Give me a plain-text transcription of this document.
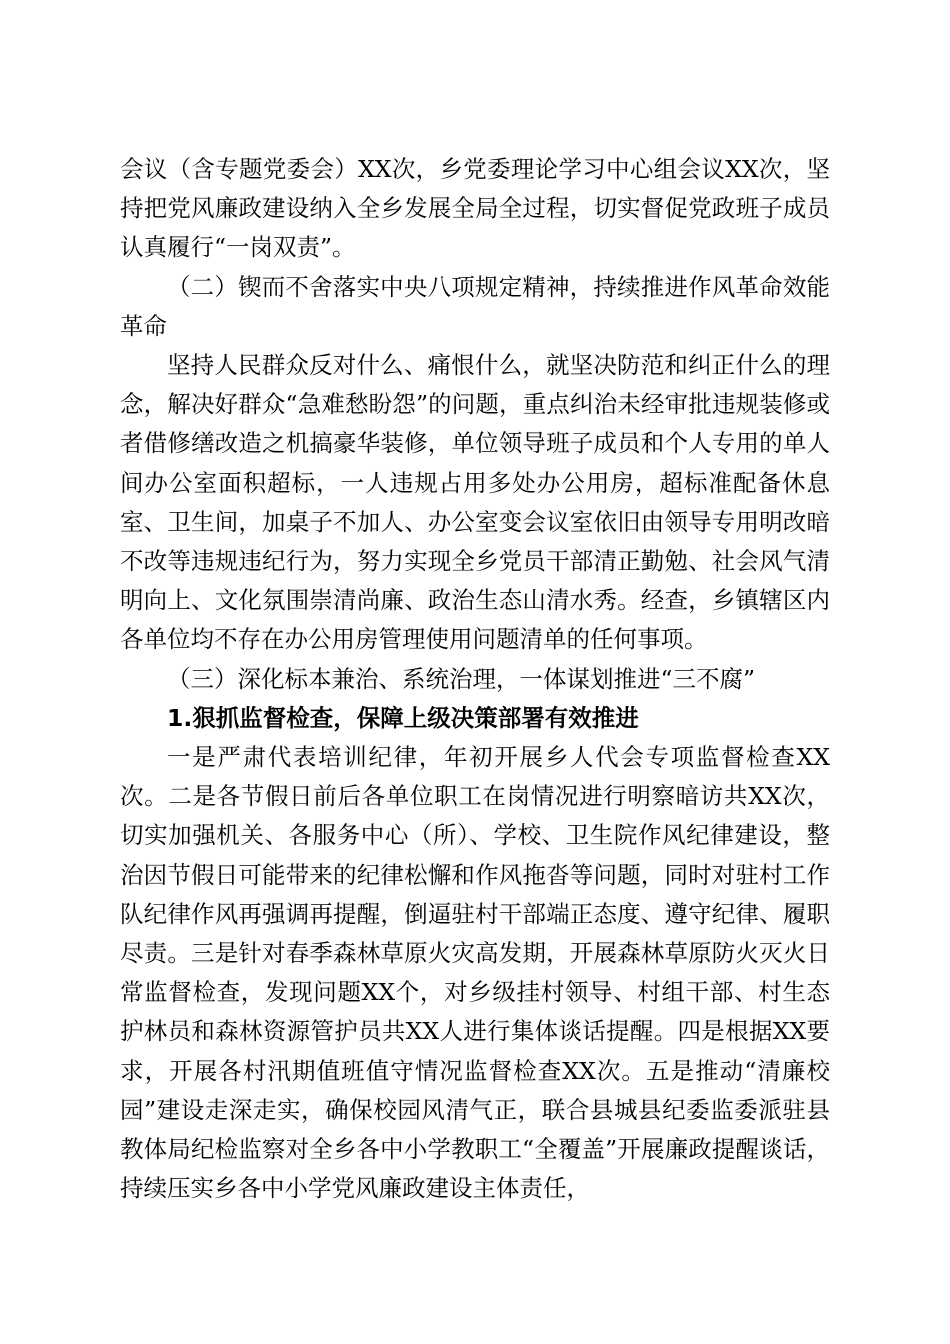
会议（含专题党委会）XX次，乡党委理论学习中心组会议XX次，坚持把党风廉政建设纳入全乡发展全局全过程，切实督促党政班子成员认真履行“一岗双责”。

（二）锲而不舍落实中央八项规定精神，持续推进作风革命效能革命

坚持人民群众反对什么、痛恨什么，就坚决防范和纠正什么的理念，解决好群众“急难愁盼怨”的问题，重点纠治未经审批违规装修或者借修缮改造之机搞豪华装修，单位领导班子成员和个人专用的单人间办公室面积超标，一人违规占用多处办公用房，超标准配备休息室、卫生间，加桌子不加人、办公室变会议室依旧由领导专用明改暗不改等违规违纪行为，努力实现全乡党员干部清正勤勉、社会风气清明向上、文化氛围崇清尚廉、政治生态山清水秀。经查，乡镇辖区内各单位均不存在办公用房管理使用问题清单的任何事项。

（三）深化标本兼治、系统治理，一体谋划推进“三不腐”

1.狠抓监督检查，保障上级决策部署有效推进

一是严肃代表培训纪律，年初开展乡人代会专项监督检查XX次。二是各节假日前后各单位职工在岗情况进行明察暗访共XX次，切实加强机关、各服务中心（所）、学校、卫生院作风纪律建设，整治因节假日可能带来的纪律松懈和作风拖沓等问题，同时对驻村工作队纪律作风再强调再提醒，倒逼驻村干部端正态度、遵守纪律、履职尽责。三是针对春季森林草原火灾高发期，开展森林草原防火灭火日常监督检查，发现问题XX个，对乡级挂村领导、村组干部、村生态护林员和森林资源管护员共XX人进行集体谈话提醒。四是根据XX要求，开展各村汛期值班值守情况监督检查XX次。五是推动“清廉校园”建设走深走实，确保校园风清气正，联合县城县纪委监委派驻县教体局纪检监察对全乡各中小学教职工“全覆盖”开展廉政提醒谈话，持续压实乡各中小学党风廉政建设主体责任，
